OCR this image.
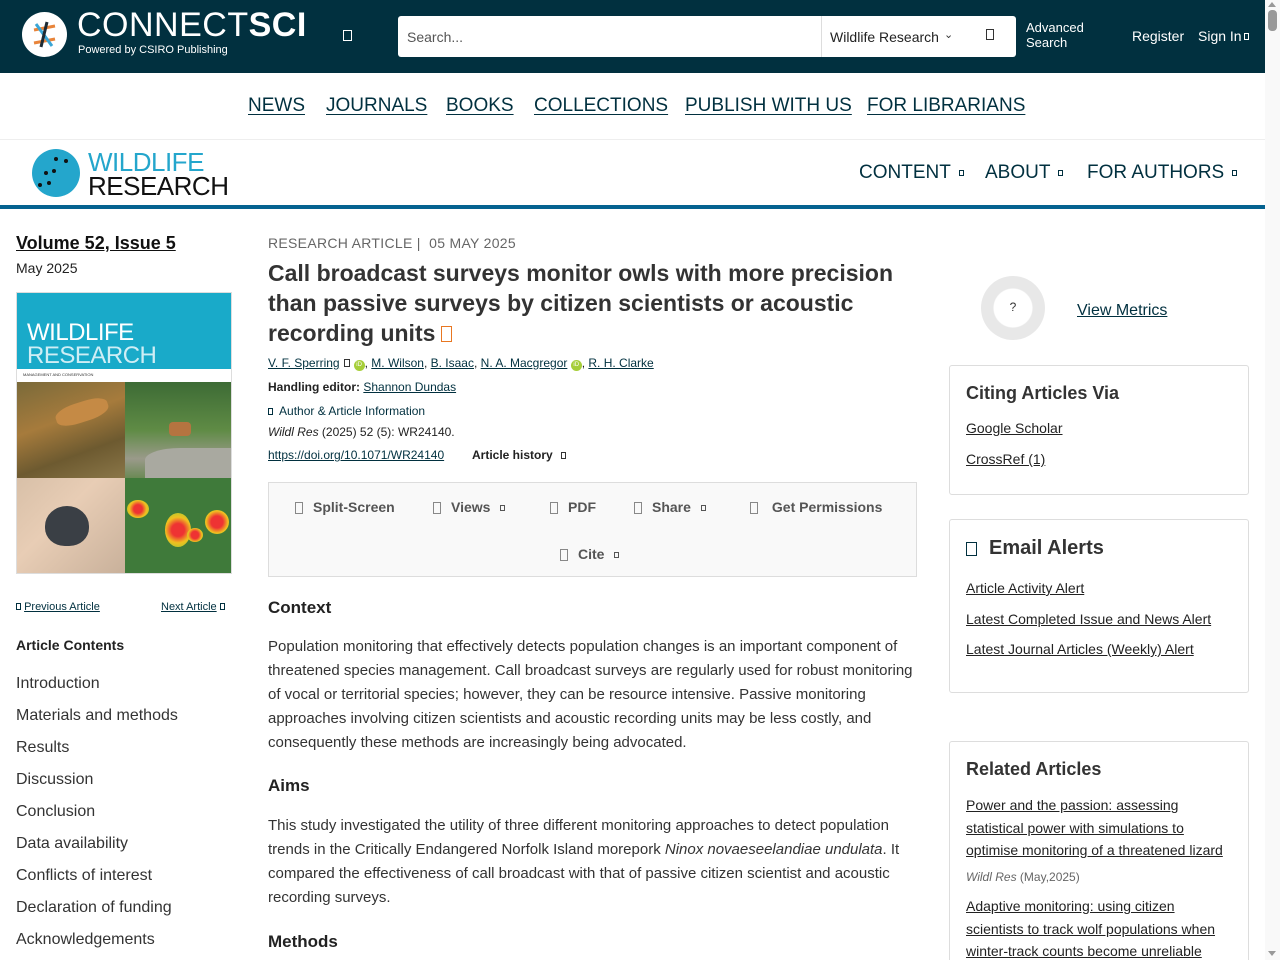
CONNECTSCI
Powered by CSIRO Publishing
Search...
Wildlife Research ⌄	Advanced
Search	Register Sign In
NEWS JOURNALS BOOKS COLLECTIONS PUBLISH WITH US FOR LIBRARIANS
WILDLIFE
RESEARCH	CONTENT	ABOUT	FOR AUTHORS
Volume 52, Issue 5
May 2025
WILDLIFE
RESEARCH
MANAGEMENT AND CONSERVATION
Previous Article	Next Article
Article Contents
Introduction
Materials and methods
Results
Discussion
Conclusion
Data availability
Conflicts of interest
Declaration of funding
Acknowledgements
RESEARCH ARTICLE | 05 MAY 2025
Call broadcast surveys monitor owls with more precision than passive surveys by citizen scientists or acoustic recording units
V. F. Sperring	iD , M. Wilson, B. Isaac, N. A. Macgregor iD , R. H. Clarke
Handling editor: Shannon Dundas
Author & Article Information
Wildl Res (2025) 52 (5): WR24140.
https://doi.org/10.1071/WR24140 Article history
Split-Screen	Views	PDF	Share	Get Permissions
Cite
Context

Population monitoring that effectively detects population changes is an important component of threatened species management. Call broadcast surveys are regularly used for robust monitoring of vocal or territorial species; however, they can be resource intensive. Passive monitoring approaches involving citizen scientists and acoustic recording units may be less costly, and consequently these methods are increasingly being advocated.

Aims

This study investigated the utility of three different monitoring approaches to detect population trends in the Critically Endangered Norfolk Island morepork Ninox novaeseelandiae undulata. It compared the effectiveness of call broadcast with that of passive citizen scientist and acoustic recording surveys.

Methods
?	View Metrics
Citing Articles Via
Google Scholar
CrossRef (1)
Email Alerts
Article Activity Alert
Latest Completed Issue and News Alert
Latest Journal Articles (Weekly) Alert
Related Articles
Power and the passion: assessing statistical power with simulations to optimise monitoring of a threatened lizard
Wildl Res (May,2025)
Adaptive monitoring: using citizen scientists to track wolf populations when winter-track counts become unreliable
